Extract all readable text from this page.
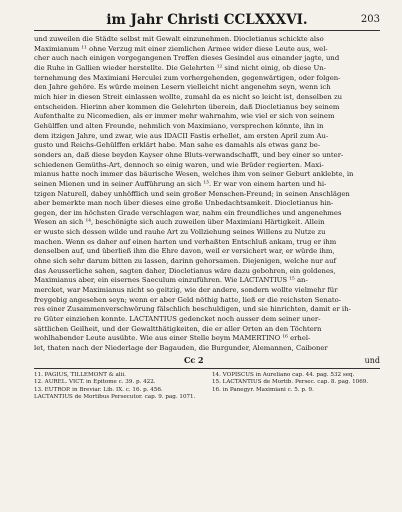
im Jahr Christi CCLXXXVI.	203

und zuweilen die Städte selbst mit Gewalt einzunehmen. Diocletianus schickte also

Maximianum ¹¹ ohne Verzug mit einer ziemlichen Armee wider diese Leute aus, wel-

cher auch nach einigen vorgegangenen Treffen dieses Gesindel aus einander jagte, und

die Ruhe in Gallien wieder herstellte. Die Gelehrten ¹² sind nicht einig, ob diese Un-

ternehmung des Maximiani Herculei zum vorhergehenden, gegenwärtigen, oder folgen-

den Jahre gehöre. Es würde meinen Lesern vielleicht nicht angenehm seyn, wenn ich

mich hier in diesen Streit einlassen wollte, zumahl da es nicht so leicht ist, denselben zu

entscheiden. Hierinn aber kommen die Gelehrten überein, daß Diocletianus bey seinem

Aufenthalte zu Nicomedien, als er immer mehr wahrnahm, wie viel er sich von seinem

Gehülffen und alten Freunde, nehmlich von Maximiano, versprechen könnte, ihn in

dem itzigen Jahre, und zwar, wie aus IDACII Fastis erhellet, am ersten April zum Au-

gusto und Reichs-Gehülffen erklärt habe. Man sahe es damahls als etwas ganz be-

sonders an, daß diese beyden Kayser ohne Bluts-verwandschafft, und bey einer so unter-

schiedenen Gemüths-Art, dennoch so einig waren, und wie Brüder regierten. Maxi-

mianus hatte noch immer das bäurische Wesen, welches ihm von seiner Geburt anklebte, in

seinen Mienen und in seiner Aufführung an sich ¹³. Er war von einem harten und hi-

tzigen Naturell, dabey unhöfflich und sein großer Menschen-Freund; in seinen Anschlägen

aber bemerkte man noch über dieses eine große Unbedachtsamkeit. Diocletianus hin-

gegen, der im höchsten Grade verschlagen war, nahm ein freundliches und angenehmes

Wesen an sich ¹⁴, beschönigte sich auch zuweilen über Maximiani Härtigkeit. Allein

er wuste sich dessen wilde und rauhe Art zu Vollziehung seines Willens zu Nutze zu

machen. Wenn es daher auf einen harten und verhaßten Entschluß ankam, trug er ihm

denselben auf, und überließ ihm die Ehre davon, weil er versichert war, er würde ihm,

ohne sich sehr darum bitten zu lassen, darinn gehorsamen. Diejenigen, welche nur auf

das Aeusserliche sahen, sagten daher, Diocletianus wäre dazu gebohren, ein goldenes,

Maximianus aber, ein eisernes Saeculum einzuführen. Wie LACTANTIUS ¹⁵ an-

mercket, war Maximianus nicht so geitzig, wie der andere, sondern wollte vielmehr für

freygebig angesehen seyn; wenn er aber Geld nöthig hatte, ließ er die reichsten Senato-

res einer Zusammenverschwörung fälschlich beschuldigen, und sie hinrichten, damit er ih-

re Güter einziehen konnte. LACTANTIUS gedencket noch ausser dem seiner uner-

sättlichen Geilheit, und der Gewaltthätigkeiten, die er aller Orten an den Töchtern

wohlhabender Leute ausübte. Wie aus einer Stelle beym MAMERTINO ¹⁶ erhel-

let, thaten nach der Niederlage der Bagauden, die Burgunder, Alemannen, Caiboner

Cc 2	und

11. PAGIUS, TILLEMONT & alii.	14. VOPISCUS in Aureliano cap. 44. pag. 532 seq.

12. AUREL. VICT. in Epitome c. 39. p. 422.	15. LACTANTIUS de Mortib. Persec. cap. 8. pag. 1069.

13. EUTROP. in Breviar. Lib. IX. c. 16. p. 456. LACTANTIUS de Mortibus Persecutor. cap. 9. pag. 1071.

16. in Panegyr. Maximiani c. 5. p. 9.
